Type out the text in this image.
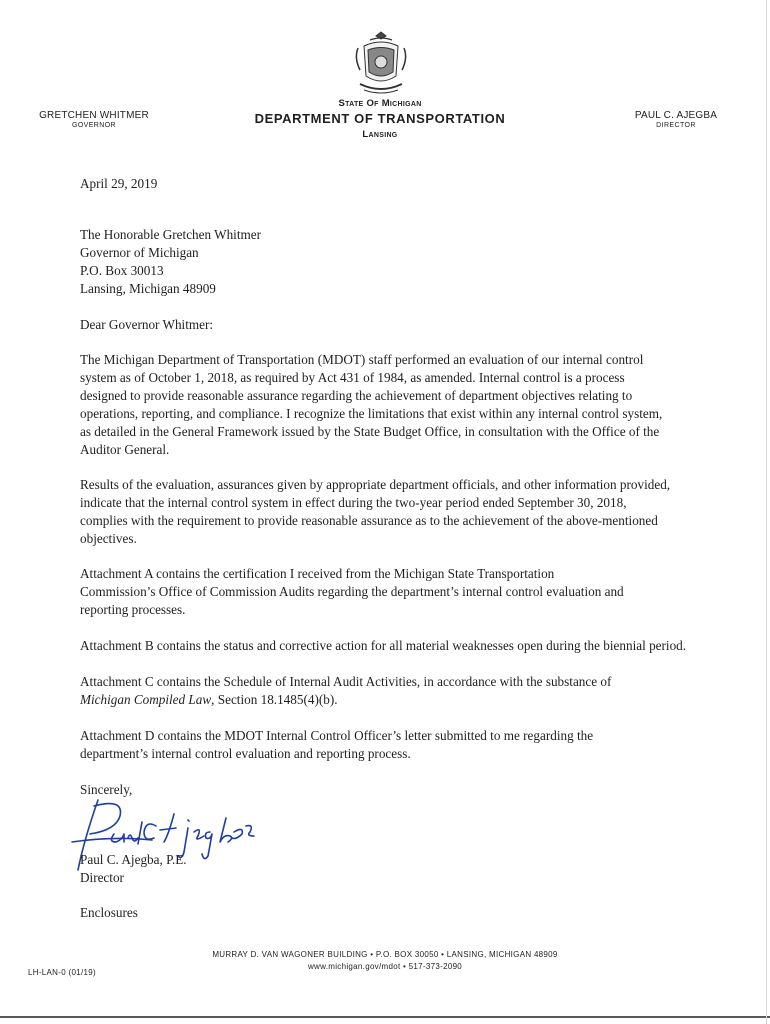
GRETCHEN WHITMER
GOVERNOR
State Of Michigan
DEPARTMENT OF TRANSPORTATION
Lansing
PAUL C. AJEGBA
DIRECTOR
April 29, 2019
The Honorable Gretchen Whitmer
Governor of Michigan
P.O. Box 30013
Lansing, Michigan 48909
Dear Governor Whitmer:
The Michigan Department of Transportation (MDOT) staff performed an evaluation of our internal control
system as of October 1, 2018, as required by Act 431 of 1984, as amended. Internal control is a process
designed to provide reasonable assurance regarding the achievement of department objectives relating to
operations, reporting, and compliance. I recognize the limitations that exist within any internal control system,
as detailed in the General Framework issued by the State Budget Office, in consultation with the Office of the
Auditor General.
Results of the evaluation, assurances given by appropriate department officials, and other information provided,
indicate that the internal control system in effect during the two-year period ended September 30, 2018,
complies with the requirement to provide reasonable assurance as to the achievement of the above-mentioned
objectives.
Attachment A contains the certification I received from the Michigan State Transportation
Commission’s Office of Commission Audits regarding the department’s internal control evaluation and
reporting processes.
Attachment B contains the status and corrective action for all material weaknesses open during the biennial period.
Attachment C contains the Schedule of Internal Audit Activities, in accordance with the substance of
Michigan Compiled Law, Section 18.1485(4)(b).
Attachment D contains the MDOT Internal Control Officer’s letter submitted to me regarding the
department’s internal control evaluation and reporting process.
Sincerely,
Paul C. Ajegba, P.E.
Director
Enclosures
MURRAY D. VAN WAGONER BUILDING • P.O. BOX 30050 • LANSING, MICHIGAN 48909
www.michigan.gov/mdot • 517-373-2090
LH-LAN-0 (01/19)
